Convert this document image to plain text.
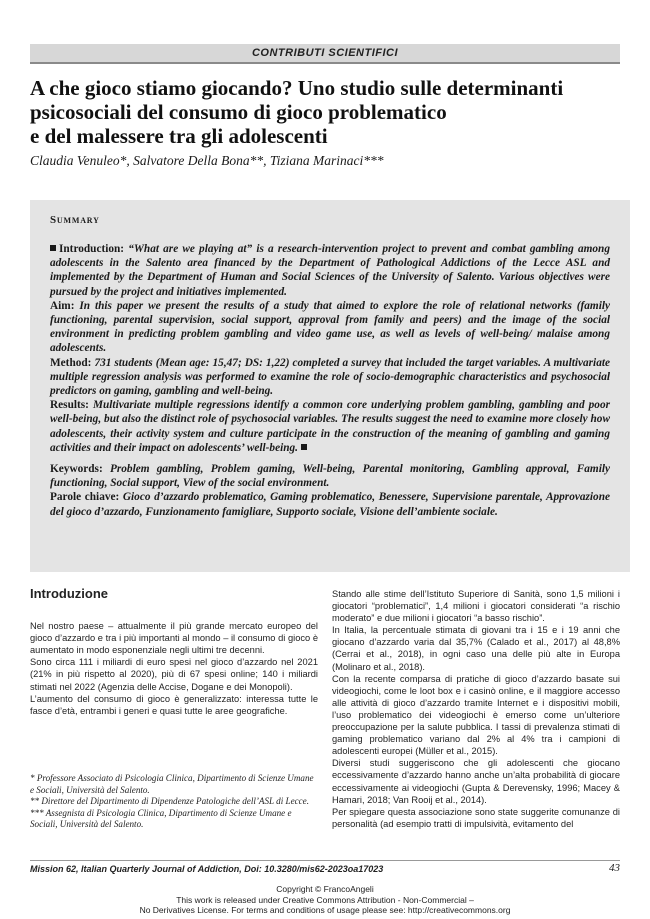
CONTRIBUTI SCIENTIFICI
A che gioco stiamo giocando? Uno studio sulle determinanti
psicosociali del consumo di gioco problematico
e del malessere tra gli adolescenti
Claudia Venuleo*, Salvatore Della Bona**, Tiziana Marinaci***
Summary

Introduction: “What are we playing at” is a research-intervention project to prevent and combat gambling among adolescents in the Salento area financed by the Department of Pathological Addictions of the Lecce ASL and implemented by the Department of Human and Social Sciences of the University of Salento. Various objectives were pursued by the project and initiatives implemented.

Aim: In this paper we present the results of a study that aimed to explore the role of relational networks (family functioning, parental supervision, social support, approval from family and peers) and the image of the social environment in predicting problem gambling and video game use, as well as levels of well-being/ malaise among adolescents.

Method: 731 students (Mean age: 15,47; DS: 1,22) completed a survey that included the target variables. A multivariate multiple regression analysis was performed to examine the role of socio-demographic characteristics and psychosocial predictors on gaming, gambling and well-being.

Results: Multivariate multiple regressions identify a common core underlying problem gambling, gambling and poor well-being, but also the distinct role of psychosocial variables. The results suggest the need to examine more closely how adolescents, their activity system and culture participate in the construction of the meaning of gambling and gaming activities and their impact on adolescents’ well-being.

Keywords: Problem gambling, Problem gaming, Well-being, Parental monitoring, Gambling approval, Family functioning, Social support, View of the social environment.

Parole chiave: Gioco d’azzardo problematico, Gaming problematico, Benessere, Supervisione parentale, Approvazione del gioco d’azzardo, Funzionamento famigliare, Supporto sociale, Visione dell’ambiente sociale.

Introduzione

Nel nostro paese – attualmente il più grande mercato europeo del gioco d’azzardo e tra i più importanti al mondo – il consumo di gioco è aumentato in modo esponenziale negli ultimi tre decenni.

Sono circa 111 i miliardi di euro spesi nel gioco d’azzardo nel 2021 (21% in più rispetto al 2020), più di 67 spesi online; 140 i miliardi stimati nel 2022 (Agenzia delle Accise, Dogane e dei Monopoli).

L’aumento del consumo di gioco è generalizzato: interessa tutte le fasce d’età, entrambi i generi e quasi tutte le aree geografiche.

Stando alle stime dell’Istituto Superiore di Sanità, sono 1,5 milioni i giocatori “problematici”, 1,4 milioni i giocatori considerati “a rischio moderato” e due milioni i giocatori “a basso rischio”.

In Italia, la percentuale stimata di giovani tra i 15 e i 19 anni che giocano d’azzardo varia dal 35,7% (Calado et al., 2017) al 48,8% (Cerrai et al., 2018), in ogni caso una delle più alte in Europa (Molinaro et al., 2018).

Con la recente comparsa di pratiche di gioco d’azzardo basate sui videogiochi, come le loot box e i casinò online, e il maggiore accesso alle attività di gioco d’azzardo tramite Internet e i dispositivi mobili, l’uso problematico dei videogiochi è emerso come un’ulteriore preoccupazione per la salute pubblica. I tassi di prevalenza stimati di gaming problematico variano dal 2% al 4% tra i campioni di adolescenti europei (Müller et al., 2015).

Diversi studi suggeriscono che gli adolescenti che giocano eccessivamente d’azzardo hanno anche un’alta probabilità di giocare eccessivamente ai videogiochi (Gupta & Derevensky, 1996; Macey & Hamari, 2018; Van Rooij et al., 2014).

Per spiegare questa associazione sono state suggerite comunanze di personalità (ad esempio tratti di impulsività, evitamento del

* Professore Associato di Psicologia Clinica, Dipartimento di Scienze Umane e Sociali, Università del Salento.

** Direttore del Dipartimento di Dipendenze Patologiche dell’ASL di Lecce.

*** Assegnista di Psicologia Clinica, Dipartimento di Scienze Umane e Sociali, Università del Salento.

Mission 62, Italian Quarterly Journal of Addiction, Doi: 10.3280/mis62-2023oa17023	43

Copyright © FrancoAngeli

This work is released under Creative Commons Attribution - Non-Commercial –

No Derivatives License. For terms and conditions of usage please see: http://creativecommons.org
